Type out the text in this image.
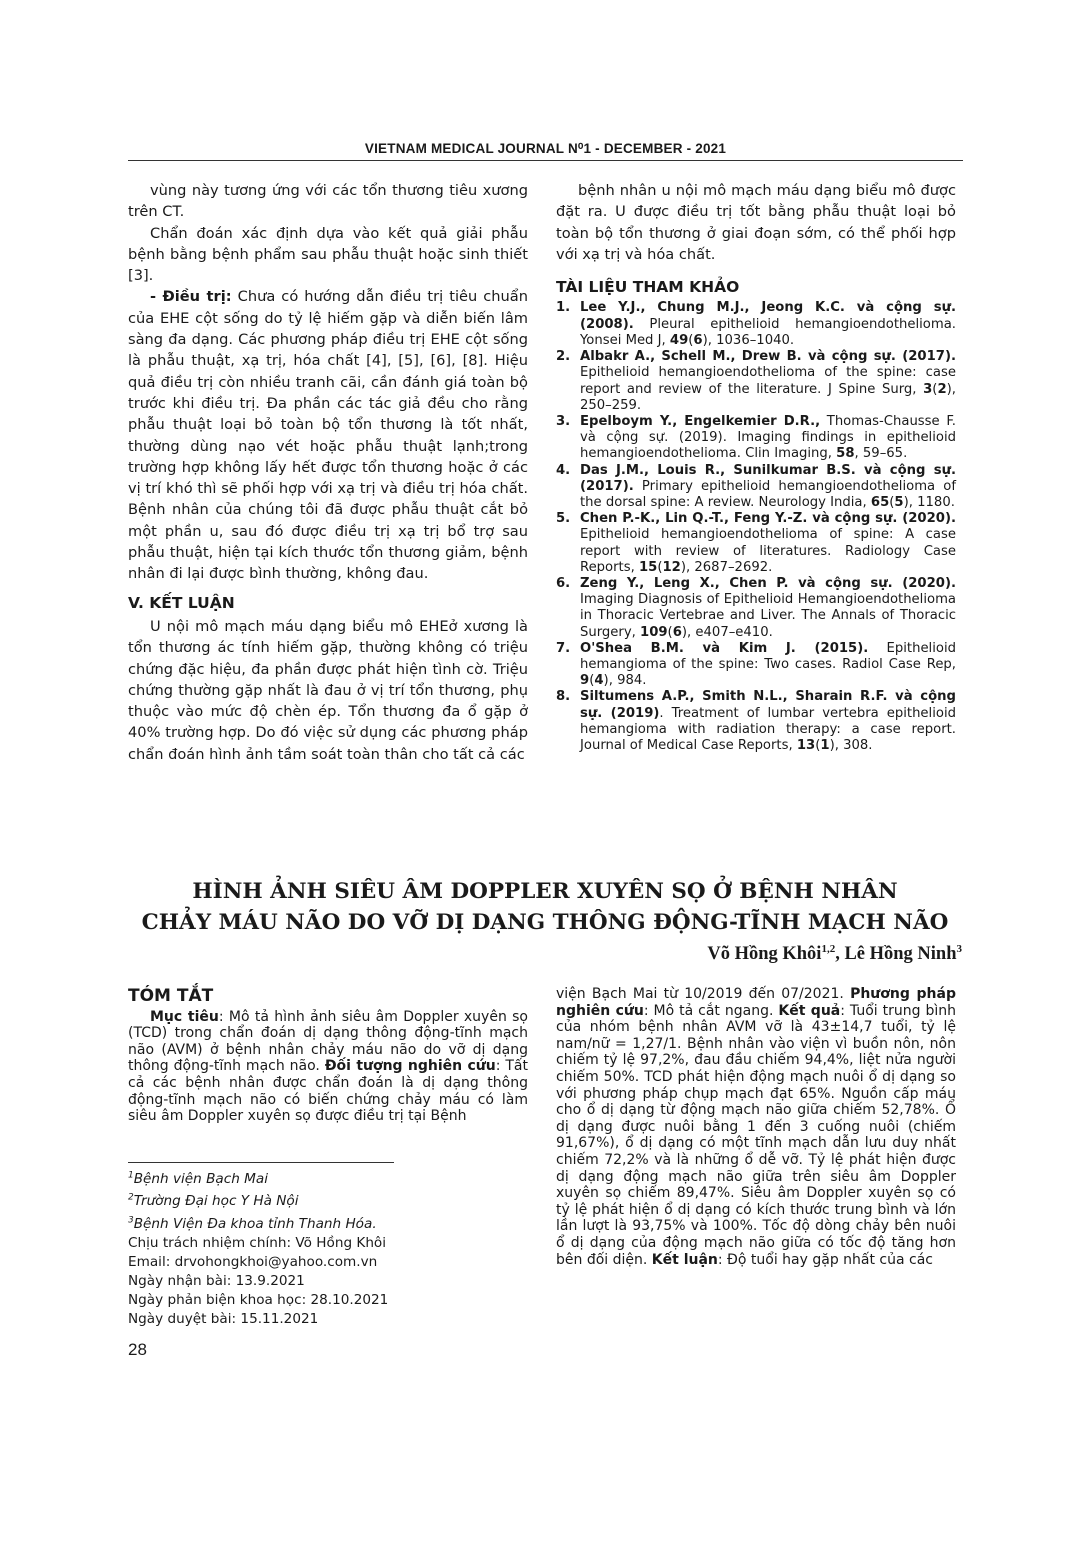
VIETNAM MEDICAL JOURNAL N⁰1 - DECEMBER - 2021

vùng này tương ứng với các tổn thương tiêu xương trên CT.

Chẩn đoán xác định dựa vào kết quả giải phẫu bệnh bằng bệnh phẩm sau phẫu thuật hoặc sinh thiết [3].

- Điều trị: Chưa có hướng dẫn điều trị tiêu chuẩn của EHE cột sống do tỷ lệ hiếm gặp và diễn biến lâm sàng đa dạng. Các phương pháp điều trị EHE cột sống là phẫu thuật, xạ trị, hóa chất [4], [5], [6], [8]. Hiệu quả điều trị còn nhiều tranh cãi, cần đánh giá toàn bộ trước khi điều trị. Đa phần các tác giả đều cho rằng phẫu thuật loại bỏ toàn bộ tổn thương là tốt nhất, thường dùng nạo vét hoặc phẫu thuật lạnh;trong trường hợp không lấy hết được tổn thương hoặc ở các vị trí khó thì sẽ phối hợp với xạ trị và điều trị hóa chất. Bệnh nhân của chúng tôi đã được phẫu thuật cắt bỏ một phần u, sau đó được điều trị xạ trị bổ trợ sau phẫu thuật, hiện tại kích thước tổn thương giảm, bệnh nhân đi lại được bình thường, không đau.

V. KẾT LUẬN

U nội mô mạch máu dạng biểu mô EHEở xương là tổn thương ác tính hiếm gặp, thường không có triệu chứng đặc hiệu, đa phần được phát hiện tình cờ. Triệu chứng thường gặp nhất là đau ở vị trí tổn thương, phụ thuộc vào mức độ chèn ép. Tổn thương đa ổ gặp ở 40% trường hợp. Do đó việc sử dụng các phương pháp chẩn đoán hình ảnh tầm soát toàn thân cho tất cả các

bệnh nhân u nội mô mạch máu dạng biểu mô được đặt ra. U được điều trị tốt bằng phẫu thuật loại bỏ toàn bộ tổn thương ở giai đoạn sớm, có thể phối hợp với xạ trị và hóa chất.

TÀI LIỆU THAM KHẢO
1. Lee Y.J., Chung M.J., Jeong K.C. và cộng sự. (2008). Pleural epithelioid hemangioendothelioma. Yonsei Med J, 49(6), 1036–1040.
2. Albakr A., Schell M., Drew B. và cộng sự. (2017). Epithelioid hemangioendothelioma of the spine: case report and review of the literature. J Spine Surg, 3(2), 250–259.
3. Epelboym Y., Engelkemier D.R., Thomas-Chausse F. và cộng sự. (2019). Imaging findings in epithelioid hemangioendothelioma. Clin Imaging, 58, 59–65.
4. Das J.M., Louis R., Sunilkumar B.S. và cộng sự. (2017). Primary epithelioid hemangioendothelioma of the dorsal spine: A review. Neurology India, 65(5), 1180.
5. Chen P.-K., Lin Q.-T., Feng Y.-Z. và cộng sự. (2020). Epithelioid hemangioendothelioma of spine: A case report with review of literatures. Radiology Case Reports, 15(12), 2687–2692.
6. Zeng Y., Leng X., Chen P. và cộng sự. (2020). Imaging Diagnosis of Epithelioid Hemangioendothelioma in Thoracic Vertebrae and Liver. The Annals of Thoracic Surgery, 109(6), e407–e410.
7. O'Shea B.M. và Kim J. (2015). Epithelioid hemangioma of the spine: Two cases. Radiol Case Rep, 9(4), 984.
8. Siltumens A.P., Smith N.L., Sharain R.F. và cộng sự. (2019). Treatment of lumbar vertebra epithelioid hemangioma with radiation therapy: a case report. Journal of Medical Case Reports, 13(1), 308.
HÌNH ẢNH SIÊU ÂM DOPPLER XUYÊN SỌ Ở BỆNH NHÂN
CHẢY MÁU NÃO DO VỠ DỊ DẠNG THÔNG ĐỘNG-TĨNH MẠCH NÃO
Võ Hồng Khôi$^{1,2}$, Lê Hồng Ninh$^3$
TÓM TẮT

Mục tiêu: Mô tả hình ảnh siêu âm Doppler xuyên sọ (TCD) trong chẩn đoán dị dạng thông động-tĩnh mạch não (AVM) ở bệnh nhân chảy máu não do vỡ dị dạng thông động-tĩnh mạch não. Đối tượng nghiên cứu: Tất cả các bệnh nhân được chẩn đoán là dị dạng thông động-tĩnh mạch não có biến chứng chảy máu có làm siêu âm Doppler xuyên sọ được điều trị tại Bệnh

viện Bạch Mai từ 10/2019 đến 07/2021. Phương pháp nghiên cứu: Mô tả cắt ngang. Kết quả: Tuổi trung bình của nhóm bệnh nhân AVM vỡ là 43±14,7 tuổi, tỷ lệ nam/nữ = 1,27/1. Bệnh nhân vào viện vì buồn nôn, nôn chiếm tỷ lệ 97,2%, đau đầu chiếm 94,4%, liệt nửa người chiếm 50%. TCD phát hiện động mạch nuôi ổ dị dạng so với phương pháp chụp mạch đạt 65%. Nguồn cấp máu cho ổ dị dạng từ động mạch não giữa chiếm 52,78%. Ổ dị dạng được nuôi bằng 1 đến 3 cuống nuôi (chiếm 91,67%), ổ dị dạng có một tĩnh mạch dẫn lưu duy nhất chiếm 72,2% và là những ổ dễ vỡ. Tỷ lệ phát hiện được dị dạng động mạch não giữa trên siêu âm Doppler xuyên sọ chiếm 89,47%. Siêu âm Doppler xuyên sọ có tỷ lệ phát hiện ổ dị dạng có kích thước trung bình và lớn lần lượt là 93,75% và 100%. Tốc độ dòng chảy bên nuôi ổ dị dạng của động mạch não giữa có tốc độ tăng hơn bên đối diện. Kết luận: Độ tuổi hay gặp nhất của các

$^1$Bệnh viện Bạch Mai
$^2$Trường Đại học Y Hà Nội
$^3$Bệnh Viện Đa khoa tỉnh Thanh Hóa.
Chịu trách nhiệm chính: Võ Hồng Khôi
Email: drvohongkhoi@yahoo.com.vn
Ngày nhận bài: 13.9.2021
Ngày phản biện khoa học: 28.10.2021
Ngày duyệt bài: 15.11.2021
28
